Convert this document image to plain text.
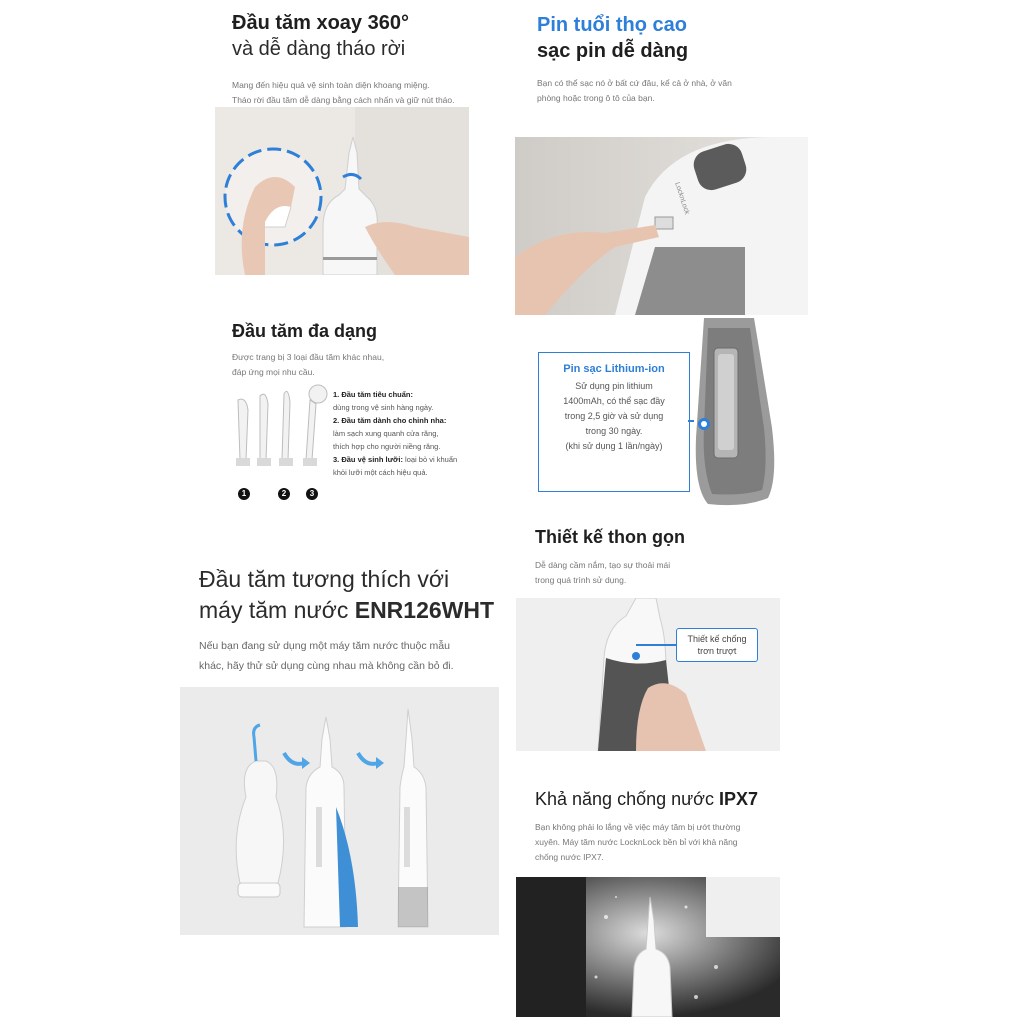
Đầu tăm xoay 360°

và dễ dàng tháo rời

Mang đến hiệu quả vệ sinh toàn diện khoang miệng.
Tháo rời đầu tăm dễ dàng bằng cách nhấn và giữ nút tháo.

Pin tuổi thọ cao

sạc pin dễ dàng

Bạn có thể sạc nó ở bất cứ đâu, kể cả ở nhà, ở văn
phòng hoặc trong ô tô của bạn.
LocknLock

Đầu tăm đa dạng

Được trang bị 3 loại đầu tăm khác nhau,
đáp ứng mọi nhu cầu.
1	2	3
1. Đầu tăm tiêu chuẩn:
dùng trong vệ sinh hàng ngày.
2. Đầu tăm dành cho chỉnh nha:
làm sạch xung quanh cửa răng,
thích hợp cho người niềng răng.
3. Đầu vệ sinh lưỡi: loại bỏ vi khuẩn
khỏi lưỡi một cách hiệu quả.
Pin sạc Lithium-ion
Sử dụng pin lithium
1400mAh, có thể sạc đầy
trong 2,5 giờ và sử dụng
trong 30 ngày.
(khi sử dụng 1 lần/ngày)

Thiết kế thon gọn

Dễ dàng cầm nắm, tạo sự thoải mái
trong quá trình sử dụng.
Thiết kế chống
trơn trượt
Đầu tăm tương thích với
máy tăm nước ENR126WHT
Nếu bạn đang sử dụng một máy tăm nước thuộc mẫu
khác, hãy thử sử dụng cùng nhau mà không cần bỏ đi.

Khả năng chống nước IPX7

Bạn không phải lo lắng về việc máy tăm bị ướt thường
xuyên. Máy tăm nước LocknLock bền bỉ với khả năng
chống nước IPX7.
